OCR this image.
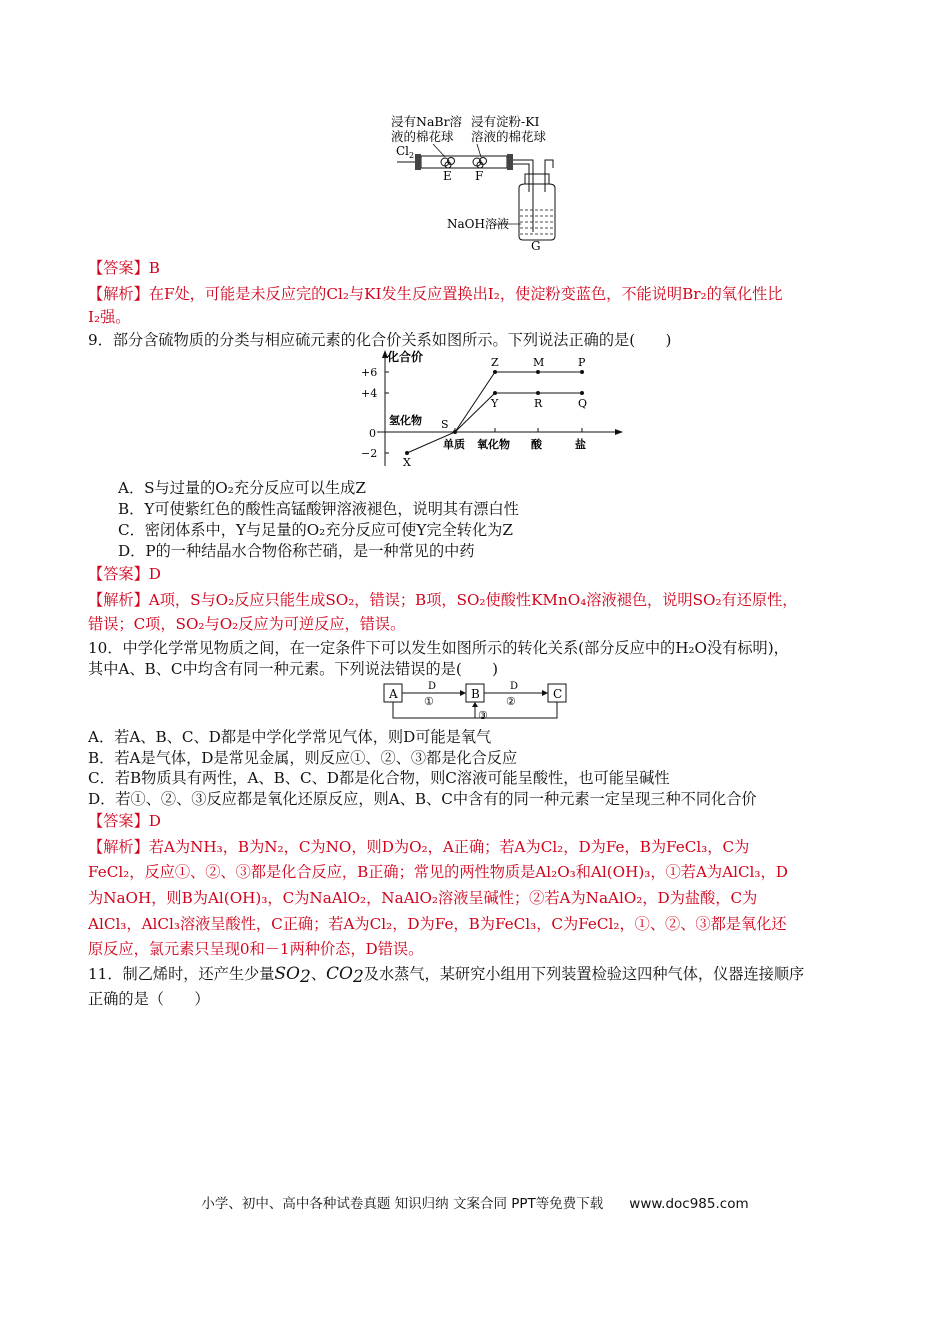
浸有NaBr溶
液的棉花球
浸有淀粉-KI
溶液的棉花球
$Cl_2$
E F
NaOH溶液
G
【答案】B
【解析】在F处，可能是未反应完的Cl₂与KI发生反应置换出I₂，使淀粉变蓝色，不能说明Br₂的氧化性比
I₂强。
9．部分含硫物质的分类与相应硫元素的化合价关系如图所示。下列说法正确的是(　　)
化合价
+6
+4
0
−2
单质 氧化物 酸	盐
氢化物
X
S
Z	M	P
Y	R	Q
A．S与过量的O₂充分反应可以生成Z
B．Y可使紫红色的酸性高锰酸钾溶液褪色，说明其有漂白性
C．密闭体系中，Y与足量的O₂充分反应可使Y完全转化为Z
D．P的一种结晶水合物俗称芒硝，是一种常见的中药
【答案】D
【解析】A项，S与O₂反应只能生成SO₂，错误；B项，SO₂使酸性KMnO₄溶液褪色，说明SO₂有还原性，
错误；C项，SO₂与O₂反应为可逆反应，错误。
10．中学化学常见物质之间，在一定条件下可以发生如图所示的转化关系(部分反应中的H₂O没有标明)，
其中A、B、C中均含有同一种元素。下列说法错误的是(　　)
A	B	C
D	D
①	②
③
A．若A、B、C、D都是中学化学常见气体，则D可能是氧气
B．若A是气体，D是常见金属，则反应①、②、③都是化合反应
C．若B物质具有两性，A、B、C、D都是化合物，则C溶液可能呈酸性，也可能呈碱性
D．若①、②、③反应都是氧化还原反应，则A、B、C中含有的同一种元素一定呈现三种不同化合价
【答案】D
【解析】若A为NH₃，B为N₂，C为NO，则D为O₂，A正确；若A为Cl₂，D为Fe，B为FeCl₃，C为
FeCl₂，反应①、②、③都是化合反应，B正确；常见的两性物质是Al₂O₃和Al(OH)₃，①若A为AlCl₃，D
为NaOH，则B为Al(OH)₃，C为NaAlO₂，NaAlO₂溶液呈碱性；②若A为NaAlO₂，D为盐酸，C为
AlCl₃，AlCl₃溶液呈酸性，C正确；若A为Cl₂，D为Fe，B为FeCl₃，C为FeCl₂，①、②、③都是氧化还
原反应，氯元素只呈现0和－1两种价态，D错误。
11．制乙烯时，还产生少量$SO_2$、$CO_2$及水蒸气，某研究小组用下列装置检验这四种气体，仪器连接顺序
正确的是（　　）
小学、初中、高中各种试卷真题 知识归纳 文案合同 PPT等免费下载 www.doc985.com
